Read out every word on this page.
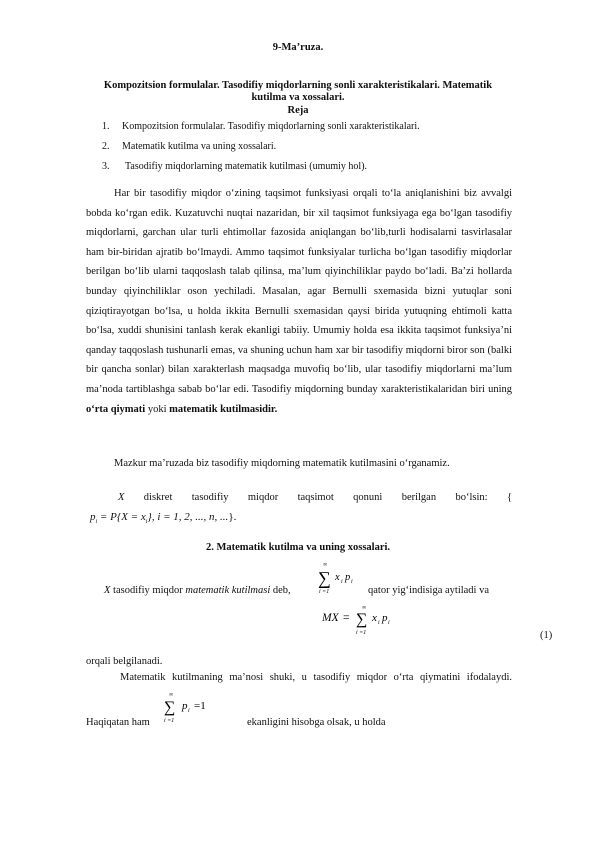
9-Ma’ruza.
Kompozitsion formulalar. Tasodifiy miqdorlarning sonli xarakteristikalari. Matematik kutilma va xossalari.
Reja
1. Kompozitsion formulalar. Tasodifiy miqdorlarning sonli xarakteristikalari.
2. Matematik kutilma va uning xossalari.
3. Tasodifiy miqdorlarning matematik kutilmasi (umumiy hol).
Har bir tasodifiy miqdor o‘zining taqsimot funksiyasi orqali to‘la aniqlanishini biz avvalgi bobda ko‘rgan edik. Kuzatuvchi nuqtai nazaridan, bir xil taqsimot funksiyaga ega bo‘lgan tasodifiy miqdorlarni, garchan ular turli ehtimollar fazosida aniqlangan bo‘lib,turli hodisalarni tasvirlasalar ham bir-biridan ajratib bo‘lmaydi. Ammo taqsimot funksiyalar turlicha bo‘lgan tasodifiy miqdorlar berilgan bo‘lib ularni taqqoslash talab qilinsa, ma’lum qiyinchiliklar paydo bo‘ladi. Ba’zi hollarda bunday qiyinchiliklar oson yechiladi. Masalan, agar Bernulli sxemasida bizni yutuqlar soni qiziqtirayotgan bo‘lsa, u holda ikkita Bernulli sxemasidan qaysi birida yutuqning ehtimoli katta bo‘lsa, xuddi shunisini tanlash kerak ekanligi tabiiy. Umumiy holda esa ikkita taqsimot funksiya’ni qanday taqqoslash tushunarli emas, va shuning uchun ham xar bir tasodifiy miqdorni biror son (balki bir qancha sonlar) bilan xarakterlash maqsadga muvofiq bo‘lib, ular tasodifiy miqdorlarni ma’lum ma’noda tartiblashga sabab bo‘lar edi. Tasodifiy miqdorning bunday xarakteristikalaridan biri uning o‘rta qiymati yoki matematik kutilmasidir.
Mazkur ma’ruzada biz tasodifiy miqdorning matematik kutilmasini o‘rganamiz.
X diskret tasodifiy miqdor taqsimot qonuni berilgan bo‘lsin: {
$p_i = P\{X = x_i\}$, i = 1, 2, ..., n, ...}.
2. Matematik kutilma va uning xossalari.
X tasodifiy miqdor matematik kutilmasi deb,
∞
∑
i =1
x i p i
qator yig‘indisiga aytiladi va
MX =
∞
∑
i =1
x i p i
(1)
orqali belgilanadi.
Matematik kutilmaning ma’nosi shuki, u tasodifiy miqdor o‘rta qiymatini ifodalaydi.
Haqiqatan ham
∞
∑
i =1
p i =1
ekanligini hisobga olsak, u holda
